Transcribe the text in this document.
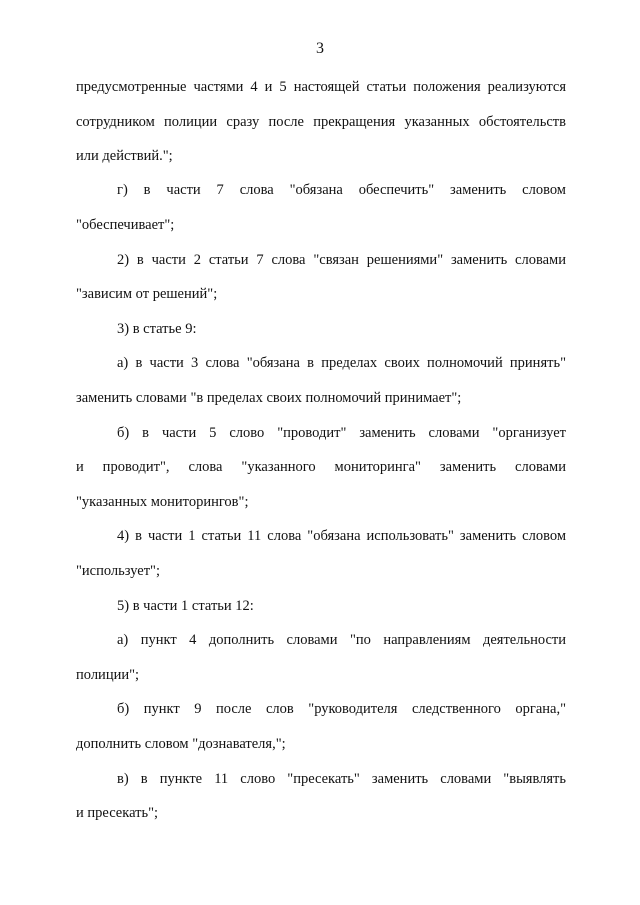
3
предусмотренные частями 4 и 5 настоящей статьи положения реализуются
сотрудником полиции сразу после прекращения указанных обстоятельств
или действий.";
г) в части 7 слова "обязана обеспечить" заменить словом
"обеспечивает";
2) в части 2 статьи 7 слова "связан решениями" заменить словами
"зависим от решений";
3) в статье 9:
а) в части 3 слова "обязана в пределах своих полномочий принять"
заменить словами "в пределах своих полномочий принимает";
б) в части 5 слово "проводит" заменить словами "организует
и проводит", слова "указанного мониторинга" заменить словами
"указанных мониторингов";
4) в части 1 статьи 11 слова "обязана использовать" заменить словом
"использует";
5) в части 1 статьи 12:
а) пункт 4 дополнить словами "по направлениям деятельности
полиции";
б) пункт 9 после слов "руководителя следственного органа,"
дополнить словом "дознавателя,";
в) в пункте 11 слово "пресекать" заменить словами "выявлять
и пресекать";
